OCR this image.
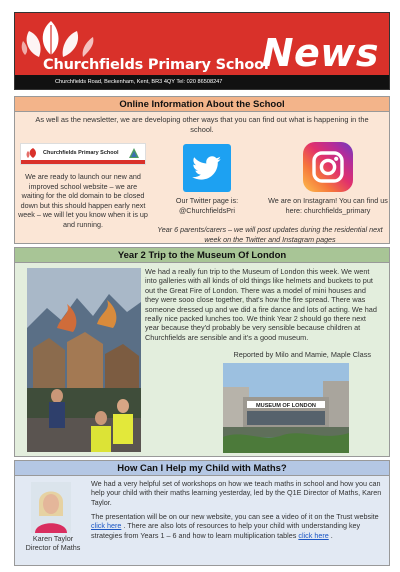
Churchfields Primary School
News
Churchfields Road, Beckenham, Kent, BR3 4QY Tel: 020 86508247
Online Information About the School
As well as the newsletter, we are developing other ways that you can find out what is happening in the school.
Churchfields Primary School
We are ready to launch our new and improved school website – we are waiting for the old domain to be closed down but this should happen early next week – we will let you know when it is up and running.
Our Twitter page is: @ChurchfieldsPri
We are on Instagram! You can find us here: churchfields_primary
Year 6 parents/carers – we will post updates during the residential next week on the Twitter and Instagram pages
Year 2 Trip to the Museum Of London
We had a really fun trip to the Museum of London this week. We went into galleries with all kinds of old things like helmets and buckets to put out the Great Fire of London. There was a model of mini houses and they were sooo close together, that's how the fire spread. There was someone dressed up and we did a fire dance and lots of acting. We had really nice packed lunches too. We think Year 2 should go there next year because they'd probably be very sensible because children at Churchfields are sensible and it's a good museum.
Reported by Milo and Mamie, Maple Class
MUSEUM OF LONDON
How Can I Help my Child with Maths?
Karen Taylor
Director of Maths
We had a very helpful set of workshops on how we teach maths in school and how you can help your child with their maths learning yesterday, led by the Q1E Director of Maths, Karen Taylor.
The presentation will be on our new website, you can see a video of it on the Trust website click here . There are also lots of resources to help your child with understanding key strategies from Years 1 – 6 and how to learn multiplication tables click here .
